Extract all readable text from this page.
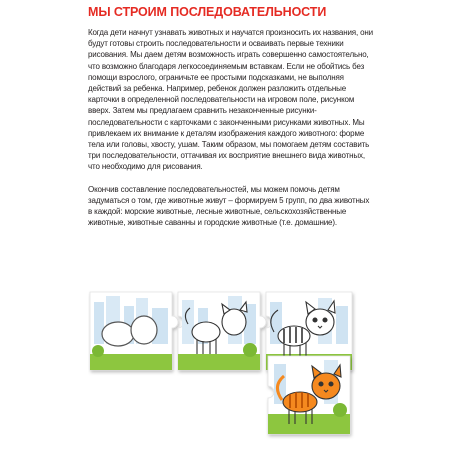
МЫ СТРОИМ ПОСЛЕДОВАТЕЛЬНОСТИ

Когда дети начнут узнавать животных и научатся произносить их названия, они будут готовы строить последовательности и осваивать первые техники рисования. Мы даем детям возможность играть совершенно самостоятельно, что возможно благодаря легкосоединяемым вставкам. Если не обойтись без помощи взрослого, ограничьте ее простыми подсказками, не выполняя действий за ребенка. Например, ребенок должен разложить отдельные карточки в определенной последовательности на игровом поле, рисунком вверх. Затем мы предлагаем сравнить незаконченные рисунки-последовательности с карточками с законченными рисунками животных. Мы привлекаем их внимание к деталям изображения каждого животного: форме тела или головы, хвосту, ушам. Таким образом, мы помогаем детям составить три последовательности, оттачивая их восприятие внешнего вида животных, что необходимо для рисования.

Окончив составление последовательностей, мы можем помочь детям задуматься о том, где животные живут – формируем 5 групп, по два животных в каждой: морские животные, лесные животные, сельскохозяйственные животные, животные саванны и городские животные (т.е. домашние).
